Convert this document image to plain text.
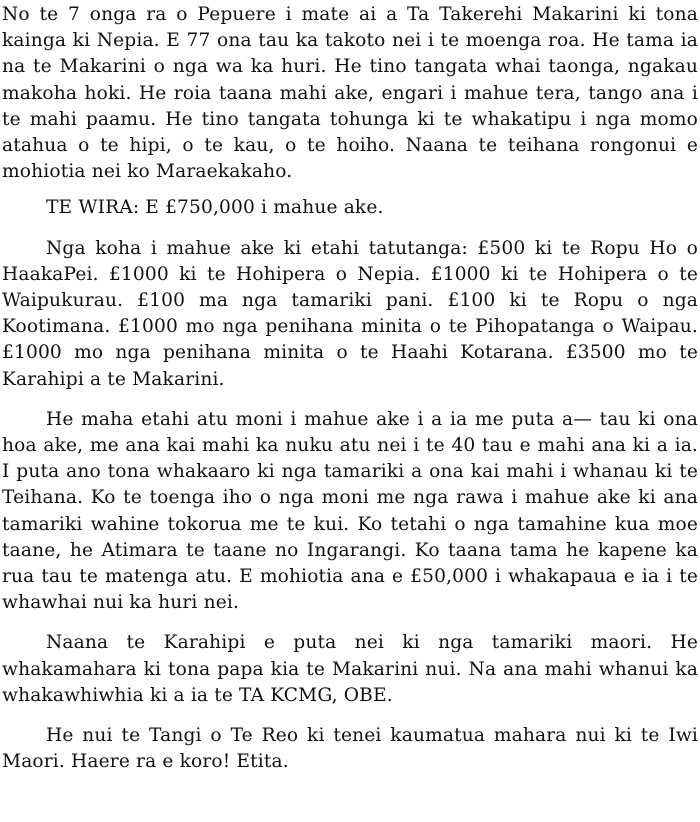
No te 7 onga ra o Pepuere i mate ai a Ta Takerehi Makarini ki tona kainga ki Nepia. E 77 ona tau ka takoto nei i te moenga roa. He tama ia na te Makarini o nga wa ka huri. He tino tangata whai taonga, ngakau makoha hoki. He roia taana mahi ake, engari i mahue tera, tango ana i te mahi paamu. He tino tangata tohunga ki te whakatipu i nga momo atahua o te hipi, o te kau, o te hoiho. Naana te teihana rongonui e mohiotia nei ko Maraekakaho.

TE WIRA: E £750,000 i mahue ake.

Nga koha i mahue ake ki etahi tatutanga: £500 ki te Ropu Ho o HaakaPei. £1000 ki te Hohipera o Nepia. £1000 ki te Hohipera o te Waipukurau. £100 ma nga tamariki pani. £100 ki te Ropu o nga Kootimana. £1000 mo nga penihana minita o te Pihopatanga o Waipau. £1000 mo nga penihana minita o te Haahi Kotarana. £3500 mo te Karahipi a te Makarini.

He maha etahi atu moni i mahue ake i a ia me puta a— tau ki ona hoa ake, me ana kai mahi ka nuku atu nei i te 40 tau e mahi ana ki a ia. I puta ano tona whakaaro ki nga tamariki a ona kai mahi i whanau ki te Teihana. Ko te toenga iho o nga moni me nga rawa i mahue ake ki ana tamariki wahine tokorua me te kui. Ko tetahi o nga tamahine kua moe taane, he Atimara te taane no Ingarangi. Ko taana tama he kapene ka rua tau te matenga atu. E mohiotia ana e £50,000 i whakapaua e ia i te whawhai nui ka huri nei.

Naana te Karahipi e puta nei ki nga tamariki maori. He whakamahara ki tona papa kia te Makarini nui. Na ana mahi whanui ka whakawhiwhia ki a ia te TA KCMG, OBE.

He nui te Tangi o Te Reo ki tenei kaumatua mahara nui ki te Iwi Maori. Haere ra e koro! Etita.
